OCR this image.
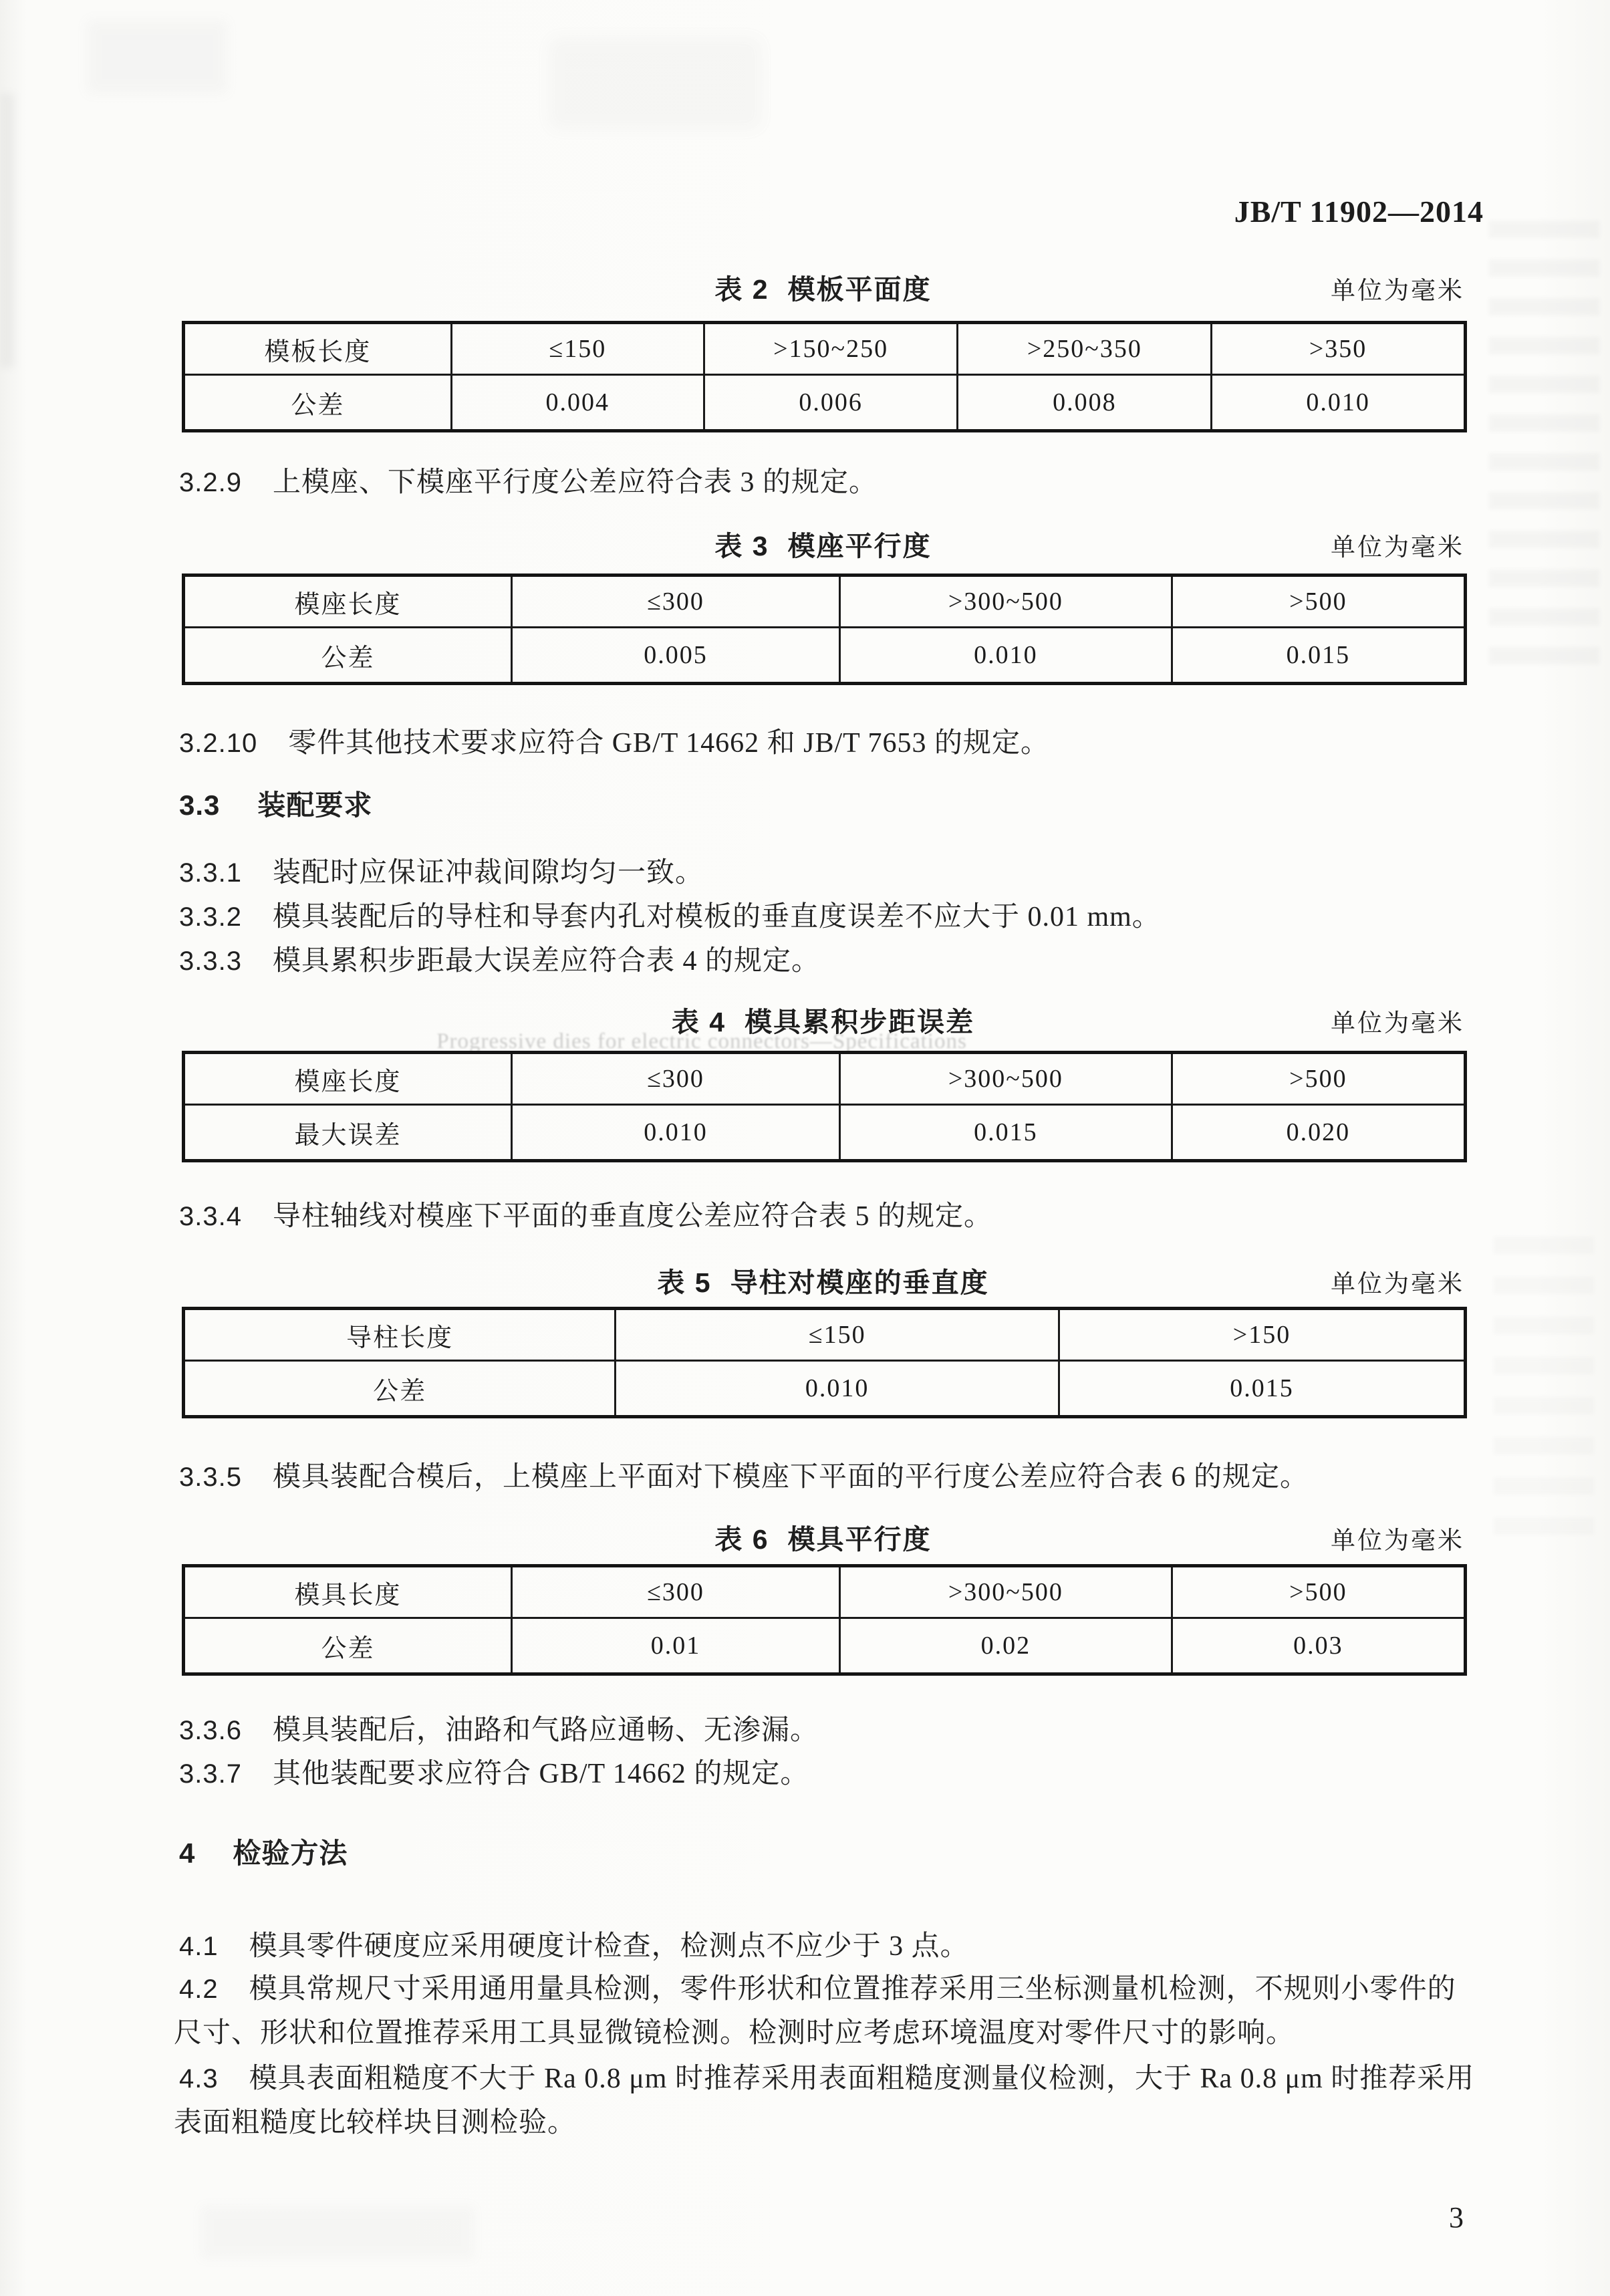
JB/T 11902—2014
表 2 模板平面度	单位为毫米
模板长度	≤150	>150~250	>250~350	>350
公差	0.004	0.006	0.008	0.010
3.2.9 上模座、下模座平行度公差应符合表 3 的规定。
表 3 模座平行度	单位为毫米
模座长度	≤300	>300~500	>500
公差	0.005	0.010	0.015
3.2.10 零件其他技术要求应符合 GB/T 14662 和 JB/T 7653 的规定。
3.3 装配要求
3.3.1 装配时应保证冲裁间隙均匀一致。
3.3.2 模具装配后的导柱和导套内孔对模板的垂直度误差不应大于 0.01 mm。
3.3.3 模具累积步距最大误差应符合表 4 的规定。
表 4 模具累积步距误差	单位为毫米
Progressive dies for electric connectors—Specifications
模座长度	≤300	>300~500	>500
最大误差	0.010	0.015	0.020
3.3.4 导柱轴线对模座下平面的垂直度公差应符合表 5 的规定。
表 5 导柱对模座的垂直度	单位为毫米
导柱长度	≤150	>150
公差	0.010	0.015
3.3.5 模具装配合模后，上模座上平面对下模座下平面的平行度公差应符合表 6 的规定。
表 6 模具平行度	单位为毫米
模具长度	≤300	>300~500	>500
公差	0.01	0.02	0.03
3.3.6 模具装配后，油路和气路应通畅、无渗漏。
3.3.7 其他装配要求应符合 GB/T 14662 的规定。
4 检验方法
4.1 模具零件硬度应采用硬度计检查，检测点不应少于 3 点。
4.2 模具常规尺寸采用通用量具检测，零件形状和位置推荐采用三坐标测量机检测，不规则小零件的
尺寸、形状和位置推荐采用工具显微镜检测。检测时应考虑环境温度对零件尺寸的影响。
4.3 模具表面粗糙度不大于 Ra 0.8 μm 时推荐采用表面粗糙度测量仪检测，大于 Ra 0.8 μm 时推荐采用
表面粗糙度比较样块目测检验。
3
